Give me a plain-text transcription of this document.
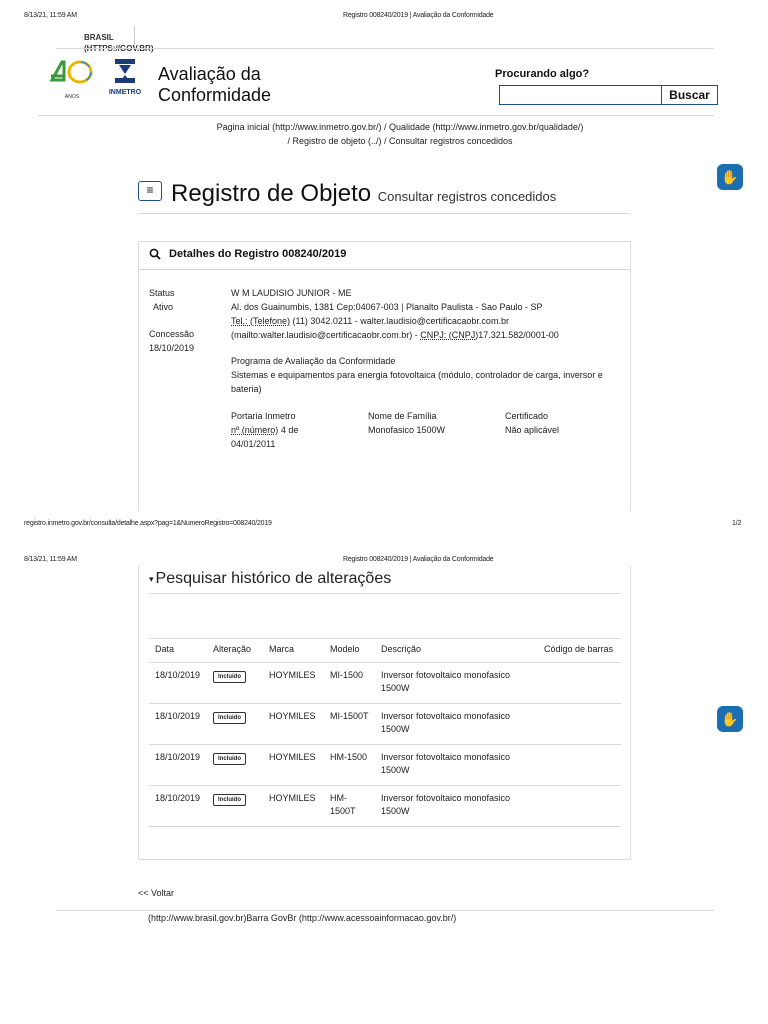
8/13/21, 11:59 AM	Registro 008240/2019 | Avaliação da Conformidade
BRASIL
ANOS
INMETRO
Avaliação da
Conformidade
Procurando algo?
Buscar
Pagina inicial (http://www.inmetro.gov.br/) / Qualidade (http://www.inmetro.gov.br/qualidade/)
/ Registro de objeto (../) / Consultar registros concedidos
✋
≡ Registro de Objeto Consultar registros concedidos
Detalhes do Registro 008240/2019
Status
Ativo
Concessão
18/10/2019
W M LAUDISIO JUNIOR - ME
Al. dos Guainumbis, 1381 Cep:04067-003 | Planalto Paulista - Sao Paulo - SP
Tel.: (Telefone) (11) 3042.0211 - walter.laudisio@certificacaobr.com.br
(mailto:walter.laudisio@certificacaobr.com.br) - CNPJ: (CNPJ)17.321.582/0001-00
Programa de Avaliação da Conformidade
Sistemas e equipamentos para energia fotovoltaica (módulo, controlador de carga, inversor e bateria)
Portaria Inmetro
nº (número) 4 de
04/01/2011
Nome de Família
Monofasico 1500W
Certificado
Não aplicável
registro.inmetro.gov.br/consulta/detalhe.aspx?pag=1&NumeroRegistro=008240/2019	1/2
8/13/21, 11:59 AM	Registro 008240/2019 | Avaliação da Conformidade
▾ Pesquisar histórico de alterações
Data	Alteração	Marca	Modelo	Descrição	Código de barras
18/10/2019	Incluído	HOYMILES	MI-1500	Inversor fotovoltaico monofasico 1500W	
18/10/2019	Incluído	HOYMILES	MI-1500T	Inversor fotovoltaico monofasico 1500W	
18/10/2019	Incluído	HOYMILES	HM-1500	Inversor fotovoltaico monofasico 1500W	
18/10/2019	Incluído	HOYMILES	HM-1500T	Inversor fotovoltaico monofasico 1500W	
✋
<< Voltar
(http://www.brasil.gov.br)Barra GovBr (http://www.acessoainformacao.gov.br/)
